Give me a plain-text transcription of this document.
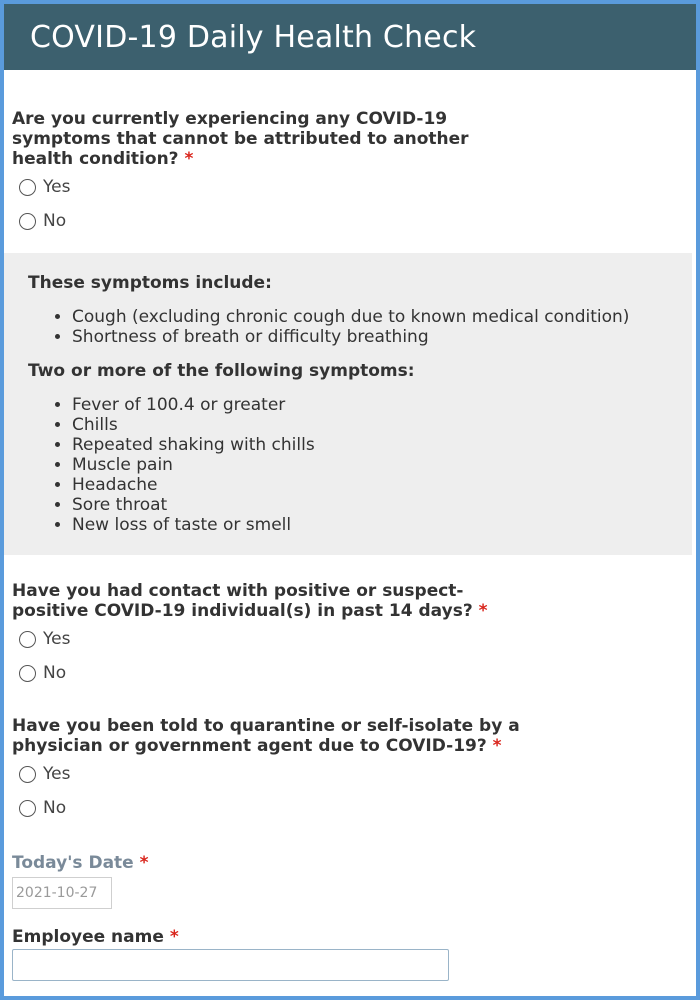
COVID-19 Daily Health Check
Are you currently experiencing any COVID-19 symptoms that cannot be attributed to another health condition? *
Yes
No
These symptoms include:
• Cough (excluding chronic cough due to known medical condition)
• Shortness of breath or difficulty breathing
Two or more of the following symptoms:
• Fever of 100.4 or greater
• Chills
• Repeated shaking with chills
• Muscle pain
• Headache
• Sore throat
• New loss of taste or smell
Have you had contact with positive or suspect-positive COVID-19 individual(s) in past 14 days? *
Yes
No
Have you been told to quarantine or self-isolate by a physician or government agent due to COVID-19? *
Yes
No
Today's Date *
2021-10-27
Employee name *
